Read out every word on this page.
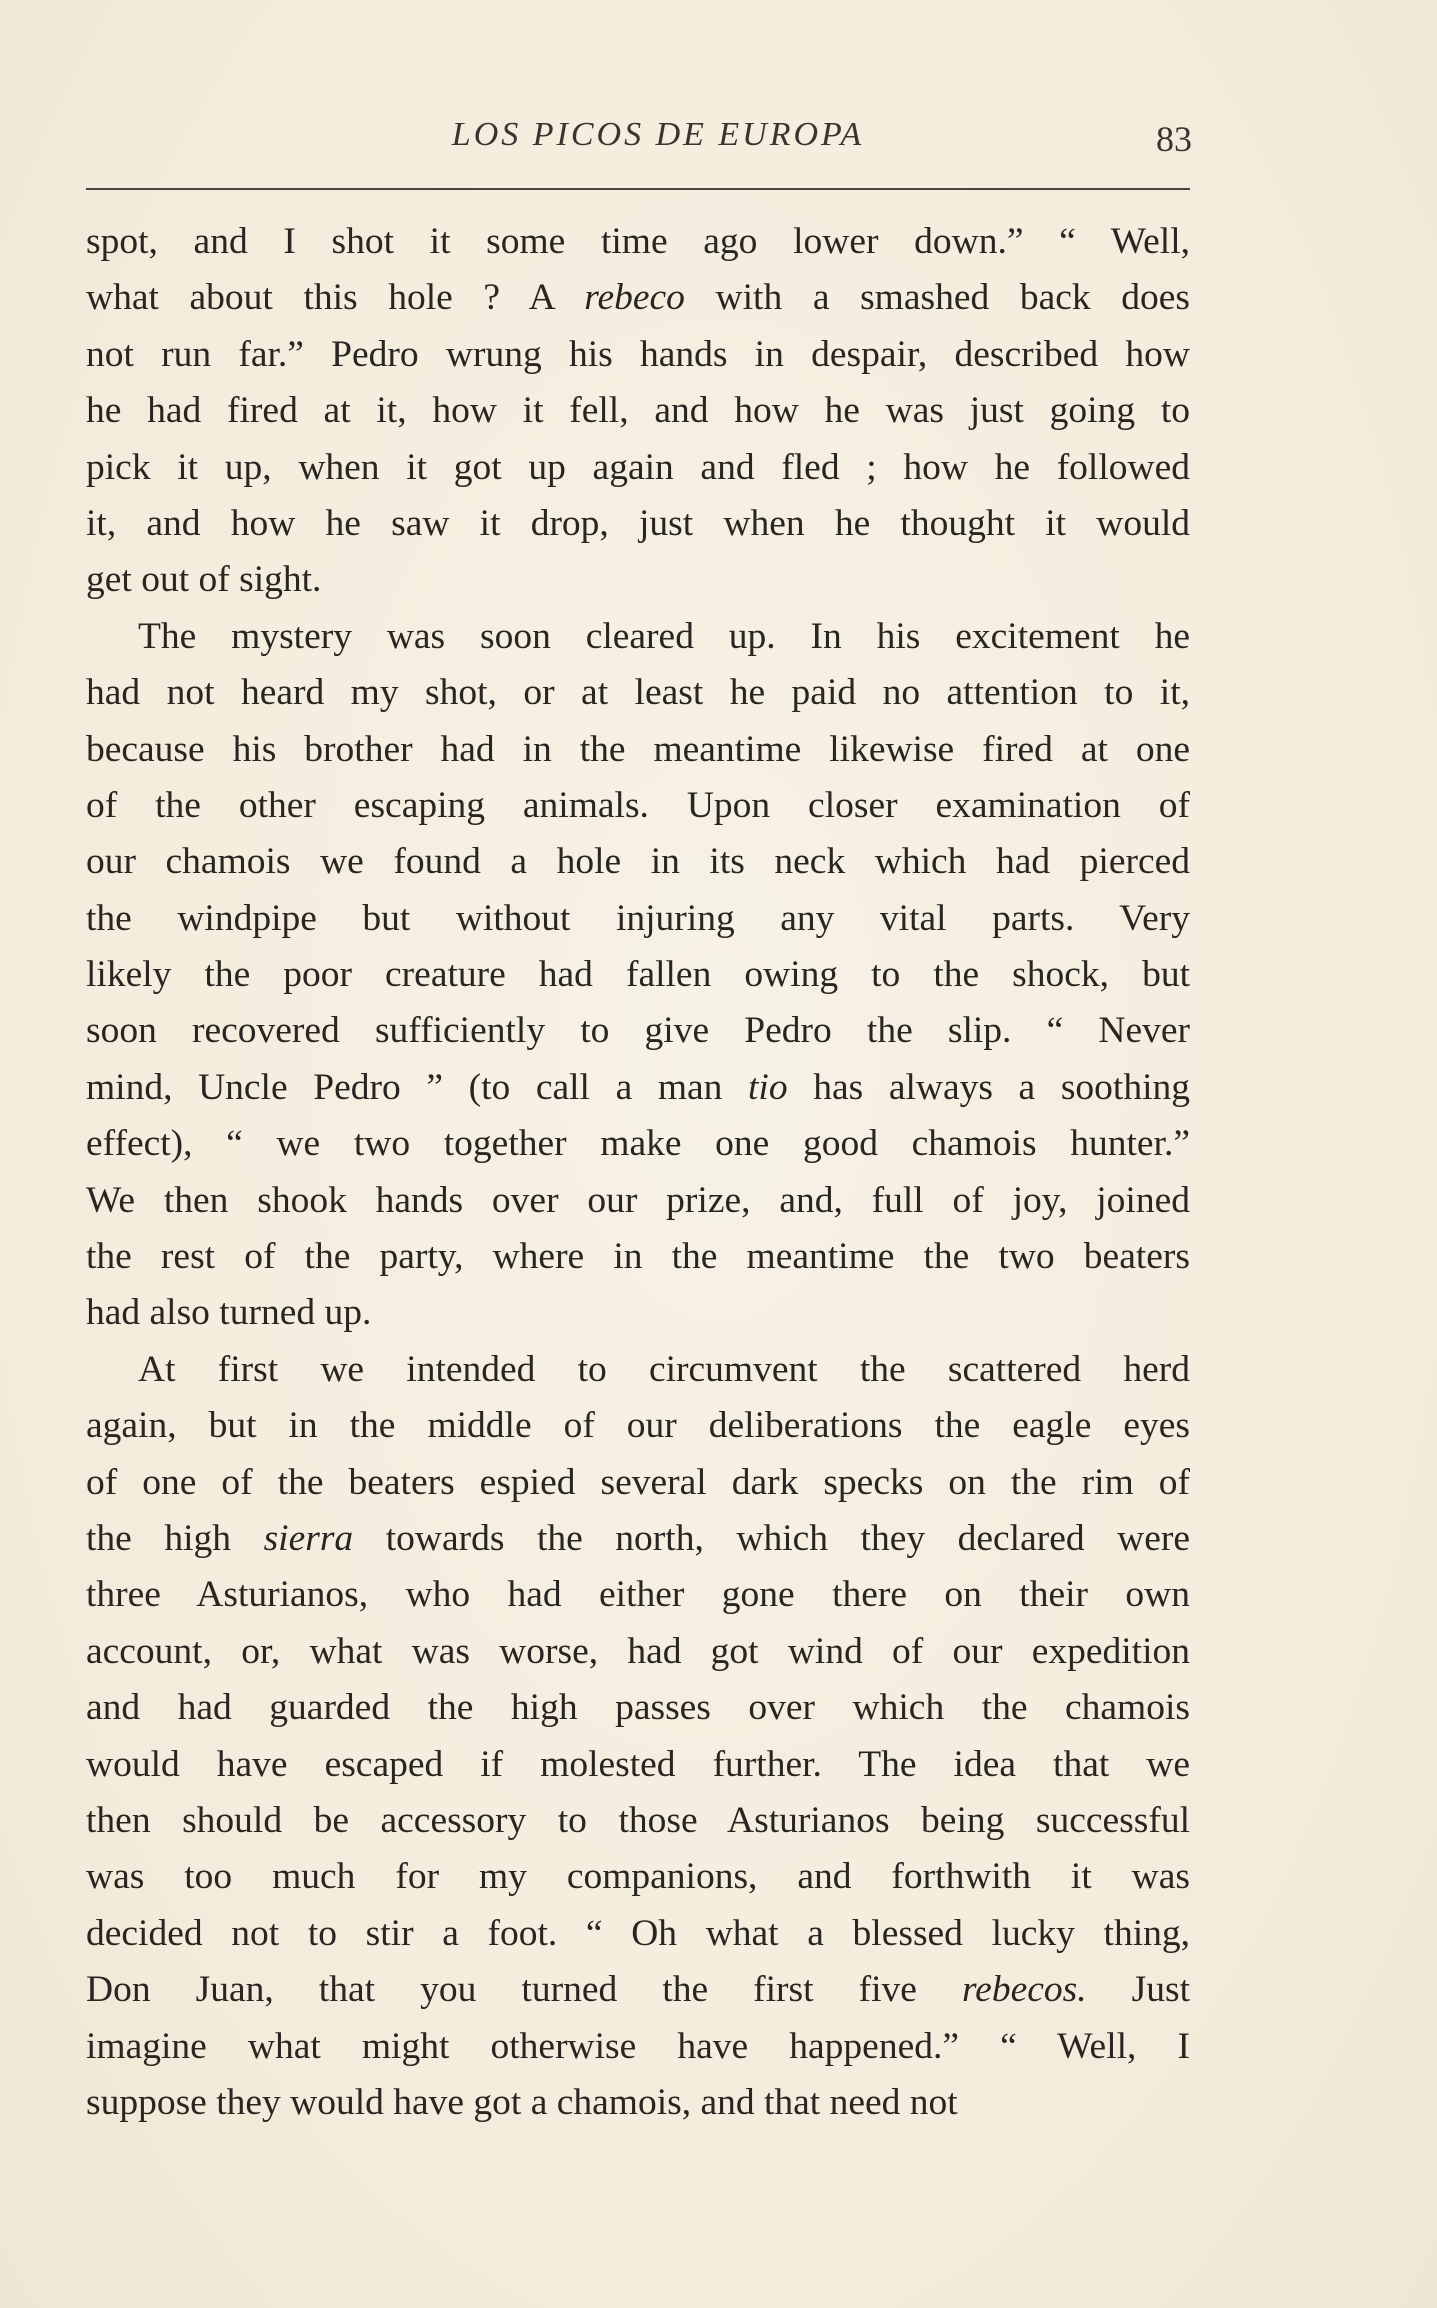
LOS PICOS DE EUROPA	83
spot, and I shot it some time ago lower down.” “ Well,
what about this hole ? A rebeco with a smashed back does
not run far.” Pedro wrung his hands in despair, described how
he had fired at it, how it fell, and how he was just going to
pick it up, when it got up again and fled ; how he followed
it, and how he saw it drop, just when he thought it would
get out of sight.
The mystery was soon cleared up. In his excitement he
had not heard my shot, or at least he paid no attention to it,
because his brother had in the meantime likewise fired at one
of the other escaping animals. Upon closer examination of
our chamois we found a hole in its neck which had pierced
the windpipe but without injuring any vital parts. Very
likely the poor creature had fallen owing to the shock, but
soon recovered sufficiently to give Pedro the slip. “ Never
mind, Uncle Pedro ” (to call a man tio has always a soothing
effect), “ we two together make one good chamois hunter.”
We then shook hands over our prize, and, full of joy, joined
the rest of the party, where in the meantime the two beaters
had also turned up.
At first we intended to circumvent the scattered herd
again, but in the middle of our deliberations the eagle eyes
of one of the beaters espied several dark specks on the rim of
the high sierra towards the north, which they declared were
three Asturianos, who had either gone there on their own
account, or, what was worse, had got wind of our expedition
and had guarded the high passes over which the chamois
would have escaped if molested further. The idea that we
then should be accessory to those Asturianos being successful
was too much for my companions, and forthwith it was
decided not to stir a foot. “ Oh what a blessed lucky thing,
Don Juan, that you turned the first five rebecos. Just
imagine what might otherwise have happened.” “ Well, I
suppose they would have got a chamois, and that need not
